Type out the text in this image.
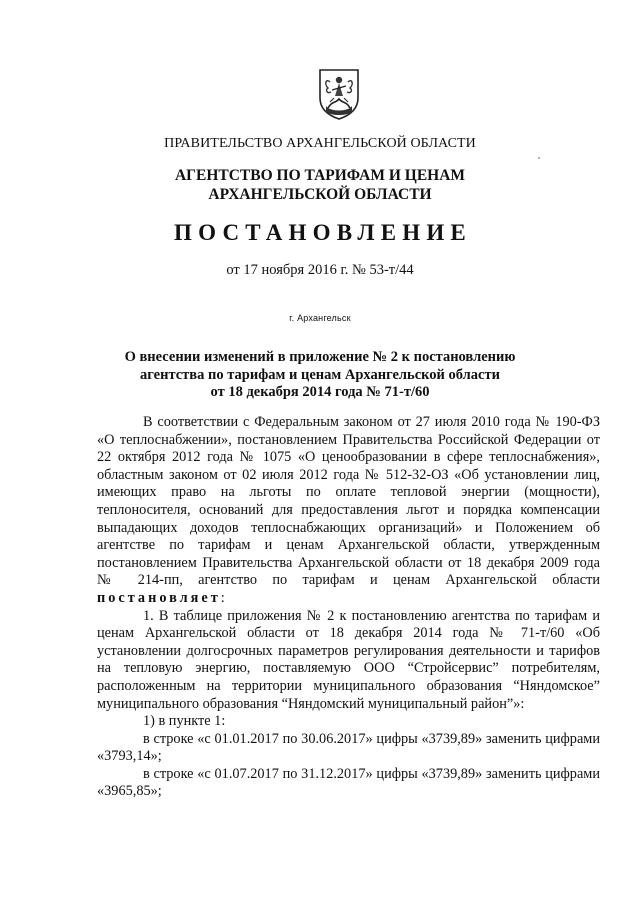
ПРАВИТЕЛЬСТВО АРХАНГЕЛЬСКОЙ ОБЛАСТИ
АГЕНТСТВО ПО ТАРИФАМ И ЦЕНАМ
АРХАНГЕЛЬСКОЙ ОБЛАСТИ
ПОСТАНОВЛЕНИЕ
от 17 ноября 2016 г. № 53-т/44
г. Архангельск
О внесении изменений в приложение № 2 к постановлению
агентства по тарифам и ценам Архангельской области
от 18 декабря 2014 года № 71-т/60

В соответствии с Федеральным законом от 27 июля 2010 года № 190-ФЗ «О теплоснабжении», постановлением Правительства Российской Федерации от 22 октября 2012 года № 1075 «О ценообразовании в сфере теплоснабжения», областным законом от 02 июля 2012 года № 512-32-ОЗ «Об установлении лиц, имеющих право на льготы по оплате тепловой энергии (мощности), теплоносителя, оснований для предоставления льгот и порядка компенсации выпадающих доходов теплоснабжающих организаций» и Положением об агентстве по тарифам и ценам Архангельской области, утвержденным постановлением Правительства Архангельской области от 18 декабря 2009 года № 214-пп, агентство по тарифам и ценам Архангельской области постановляет:

1. В таблице приложения № 2 к постановлению агентства по тарифам и ценам Архангельской области от 18 декабря 2014 года № 71-т/60 «Об установлении долгосрочных параметров регулирования деятельности и тарифов на тепловую энергию, поставляемую ООО “Стройсервис” потребителям, расположенным на территории муниципального образования “Няндомское” муниципального образования “Няндомский муниципальный район”»:

1) в пункте 1:

в строке «с 01.01.2017 по 30.06.2017» цифры «3739,89» заменить цифрами «3793,14»;

в строке «с 01.07.2017 по 31.12.2017» цифры «3739,89» заменить цифрами «3965,85»;
